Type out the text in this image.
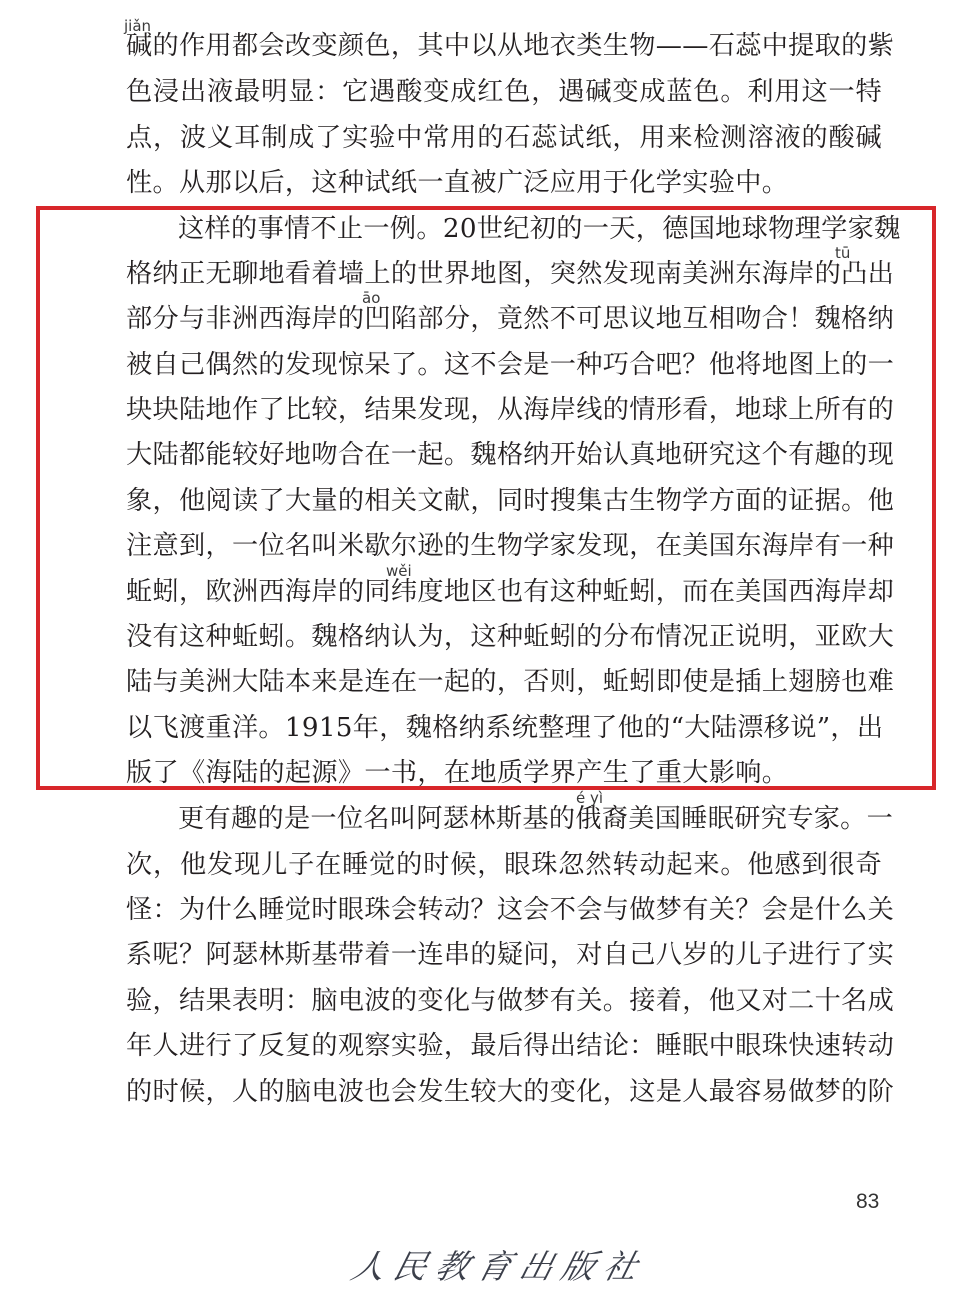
jiǎn
tū
āo
wěi
é yì
碱的作用都会改变颜色，其中以从地衣类生物——石蕊中提取的紫
色浸出液最明显：它遇酸变成红色，遇碱变成蓝色。利用这一特
点，波义耳制成了实验中常用的石蕊试纸，用来检测溶液的酸碱
性。从那以后，这种试纸一直被广泛应用于化学实验中。
这样的事情不止一例。20世纪初的一天，德国地球物理学家魏
格纳正无聊地看着墙上的世界地图，突然发现南美洲东海岸的凸出
部分与非洲西海岸的凹陷部分，竟然不可思议地互相吻合！魏格纳
被自己偶然的发现惊呆了。这不会是一种巧合吧？他将地图上的一
块块陆地作了比较，结果发现，从海岸线的情形看，地球上所有的
大陆都能较好地吻合在一起。魏格纳开始认真地研究这个有趣的现
象，他阅读了大量的相关文献，同时搜集古生物学方面的证据。他
注意到，一位名叫米歇尔逊的生物学家发现，在美国东海岸有一种
蚯蚓，欧洲西海岸的同纬度地区也有这种蚯蚓，而在美国西海岸却
没有这种蚯蚓。魏格纳认为，这种蚯蚓的分布情况正说明，亚欧大
陆与美洲大陆本来是连在一起的，否则，蚯蚓即使是插上翅膀也难
以飞渡重洋。1915年，魏格纳系统整理了他的“大陆漂移说”，出
版了《海陆的起源》一书，在地质学界产生了重大影响。
更有趣的是一位名叫阿瑟林斯基的俄裔美国睡眠研究专家。一
次，他发现儿子在睡觉的时候，眼珠忽然转动起来。他感到很奇
怪：为什么睡觉时眼珠会转动？这会不会与做梦有关？会是什么关
系呢？阿瑟林斯基带着一连串的疑问，对自己八岁的儿子进行了实
验，结果表明：脑电波的变化与做梦有关。接着，他又对二十名成
年人进行了反复的观察实验，最后得出结论：睡眠中眼珠快速转动
的时候，人的脑电波也会发生较大的变化，这是人最容易做梦的阶
83
人民教育出版社
